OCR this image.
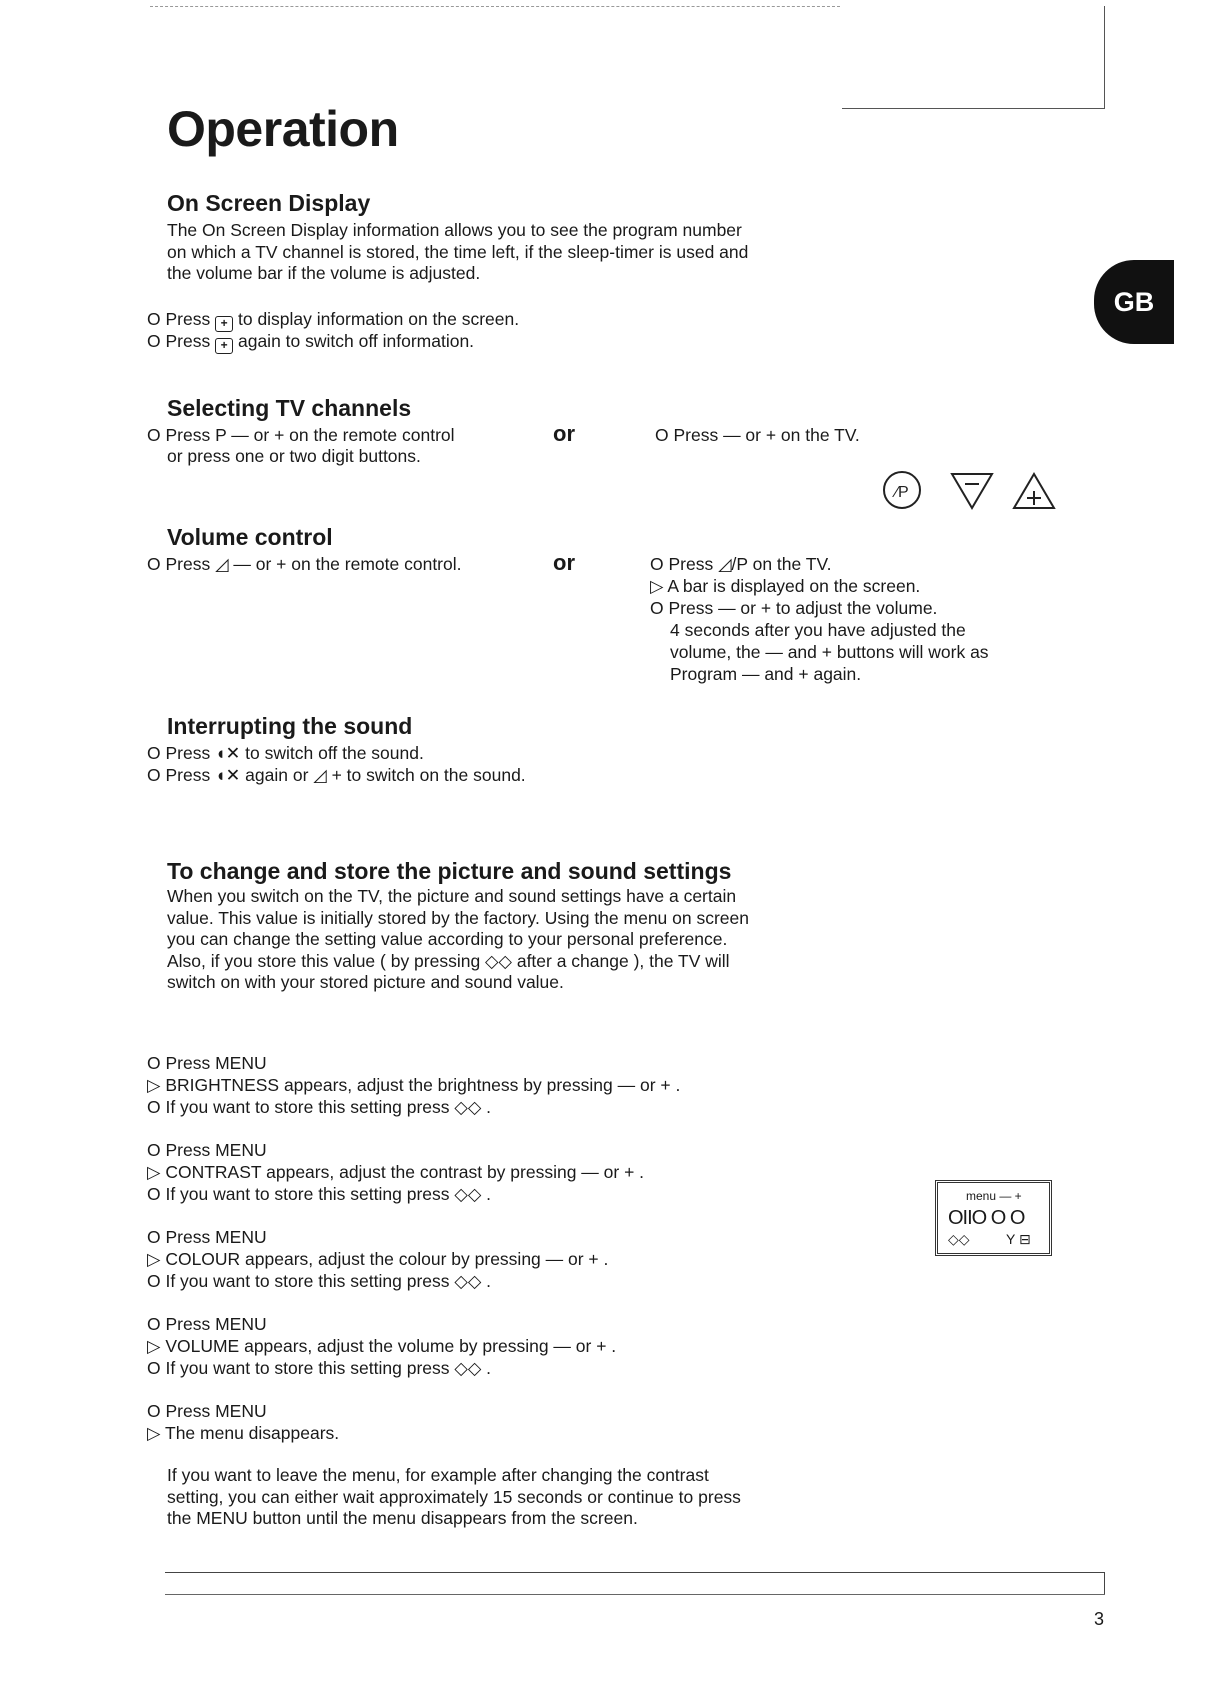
Operation
GB
On Screen Display
The On Screen Display information allows you to see the program number
on which a TV channel is stored, the time left, if the sleep-timer is used and
the volume bar if the volume is adjusted.
O Press + to display information on the screen.
O Press + again to switch off information.
Selecting TV channels
O Press P — or + on the remote control
or press one or two digit buttons.
or	O Press — or + on the TV.
⁄P
Volume control
O Press ◿ — or + on the remote control.	or	O Press ◿/P on the TV.
▷ A bar is displayed on the screen.
O Press — or + to adjust the volume.
4 seconds after you have adjusted the
volume, the — and + buttons will work as
Program — and + again.
Interrupting the sound
O Press ◖✕ to switch off the sound.
O Press ◖✕ again or ◿ + to switch on the sound.
To change and store the picture and sound settings
When you switch on the TV, the picture and sound settings have a certain
value. This value is initially stored by the factory. Using the menu on screen
you can change the setting value according to your personal preference.
Also, if you store this value ( by pressing ◇◇ after a change ), the TV will
switch on with your stored picture and sound value.
O Press MENU
▷ BRIGHTNESS appears, adjust the brightness by pressing — or + .
O If you want to store this setting press ◇◇ .
O Press MENU
▷ CONTRAST appears, adjust the contrast by pressing — or + .
O If you want to store this setting press ◇◇ .
O Press MENU
▷ COLOUR appears, adjust the colour by pressing — or + .
O If you want to store this setting press ◇◇ .
O Press MENU
▷ VOLUME appears, adjust the volume by pressing — or + .
O If you want to store this setting press ◇◇ .
O Press MENU
▷ The menu disappears.
If you want to leave the menu, for example after changing the contrast
setting, you can either wait approximately 15 seconds or continue to press
the MENU button until the menu disappears from the screen.
menu — +
OIIO O O
◇◇	Y ⊟
3
